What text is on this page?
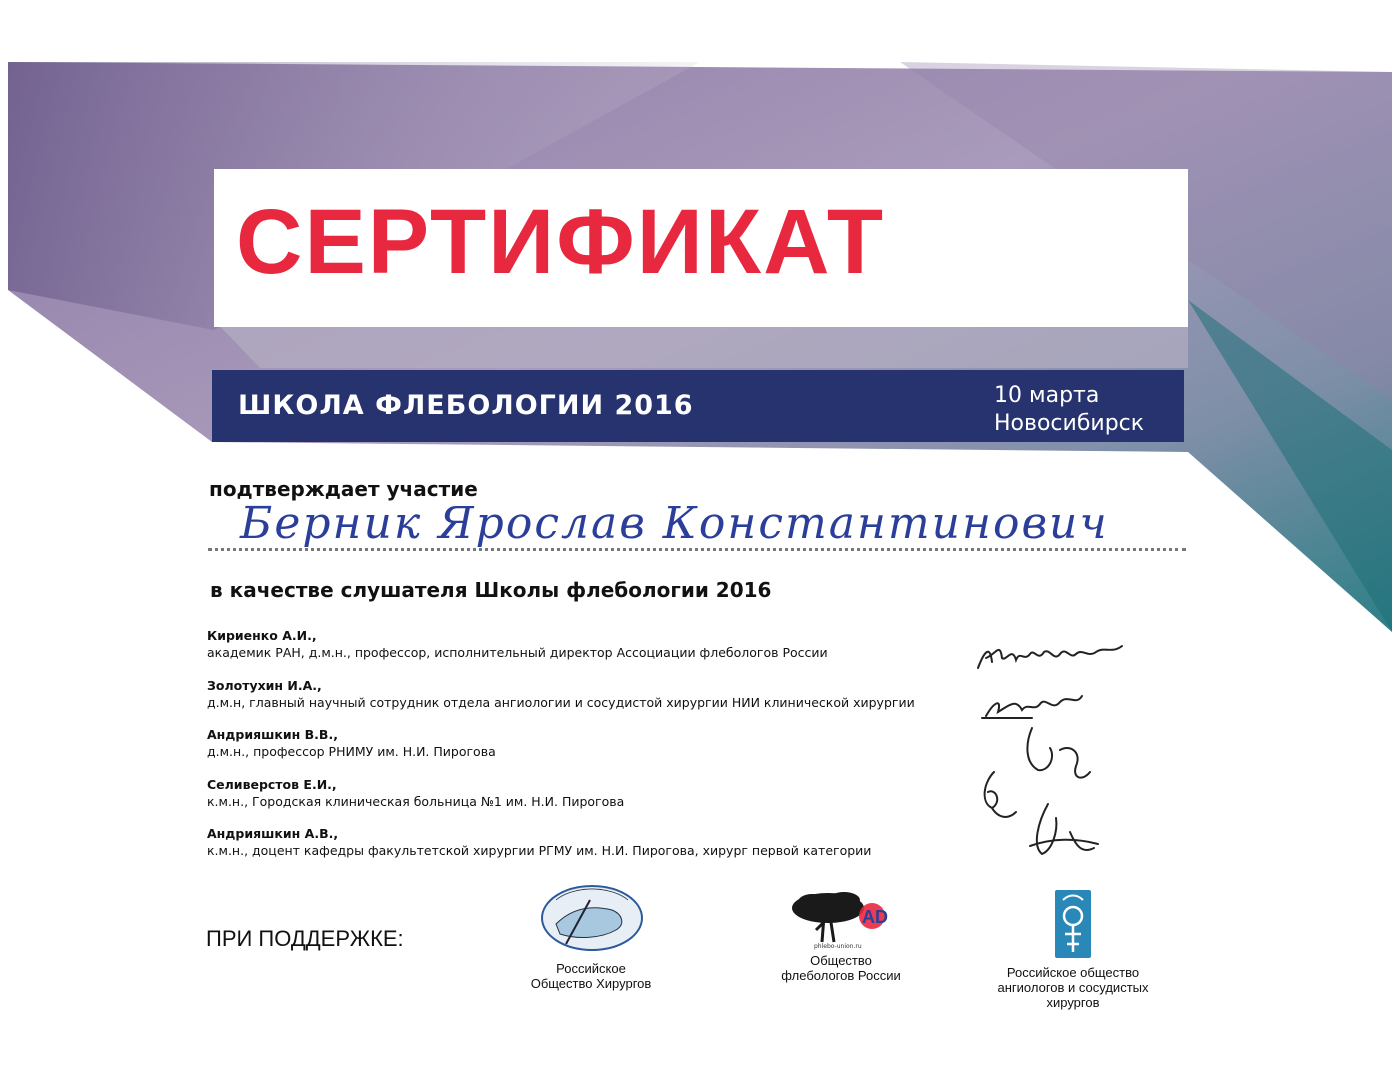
СЕРТИФИКАТ
ШКОЛА ФЛЕБОЛОГИИ 2016	10 марта
Новосибирск
подтверждает участие
Берник Ярослав Константинович
в качестве слушателя Школы флебологии 2016
Кириенко А.И.,
академик РАН, д.м.н., профессор, исполнительный директор Ассоциации флебологов России
Золотухин И.А.,
д.м.н, главный научный сотрудник отдела ангиологии и сосудистой хирургии НИИ клинической хирургии
Андрияшкин В.В.,
д.м.н., профессор РНИМУ им. Н.И. Пирогова
Селиверстов Е.И.,
к.м.н., Городская клиническая больница №1 им. Н.И. Пирогова
Андрияшкин А.В.,
к.м.н., доцент кафедры факультетской хирургии РГМУ им. Н.И. Пирогова, хирург первой категории
ПРИ ПОДДЕРЖКЕ:
Российское
Общество Хирургов
AD
phlebo-union.ru
Общество
флебологов России	Российское общество
ангиологов и сосудистых
хирургов
